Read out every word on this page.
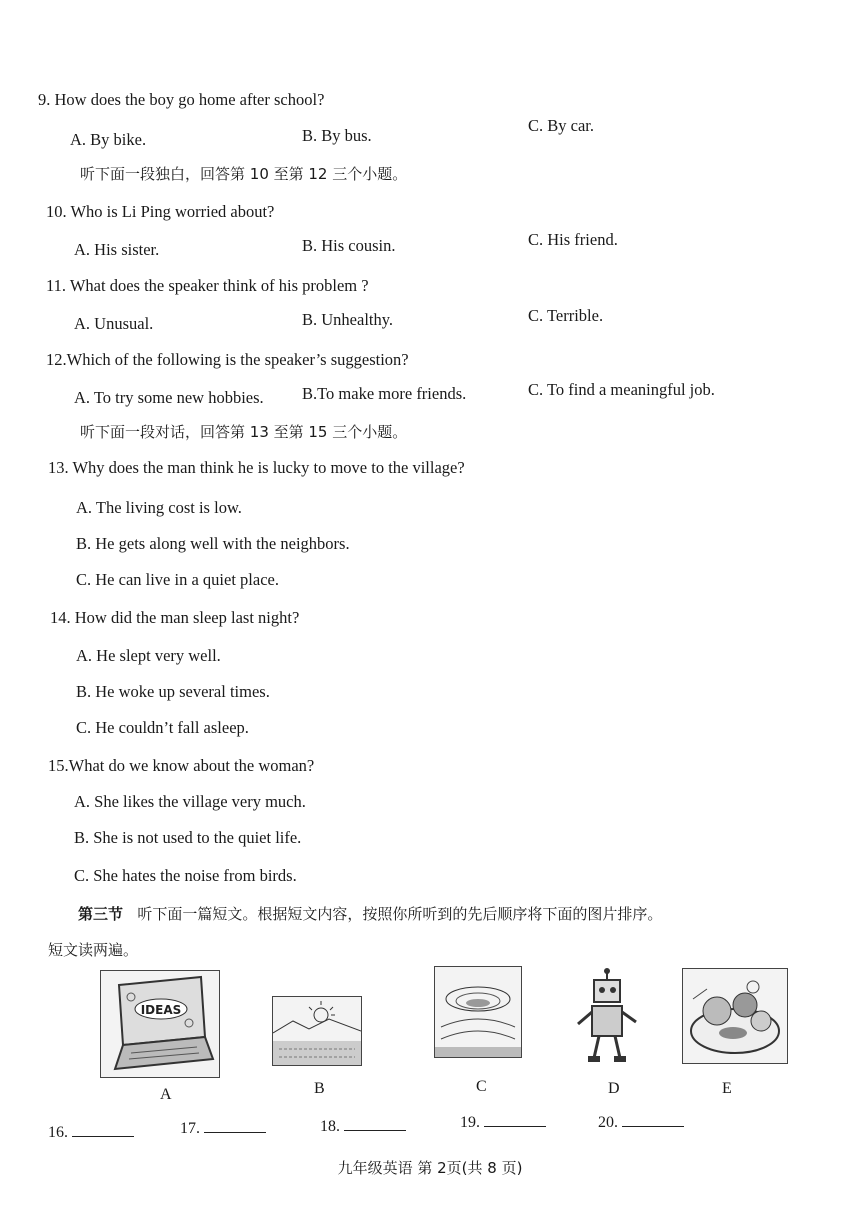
9. How does the boy go home after school?
A. By bike.	B. By bus.
C. By car.
听下面一段独白，回答第 10 至第 12 三个小题。
10. Who is Li Ping worried about?
A. His sister.	B. His cousin.	C. His friend.
11. What does the speaker think of his problem ?
A. Unusual.	B. Unhealthy.	C. Terrible.
12.Which of the following is the speaker’s suggestion?
A. To try some new hobbies. B.To make more friends.	C. To find a meaningful job.
听下面一段对话，回答第 13 至第 15 三个小题。
13. Why does the man think he is lucky to move to the village?
A. The living cost is low.
B. He gets along well with the neighbors.
C. He can live in a quiet place.
14. How did the man sleep last night?
A. He slept very well.
B. He woke up several times.
C. He couldn’t fall asleep.
15.What do we know about the woman?
A. She likes the village very much.
B. She is not used to the quiet life.
C. She hates the noise from birds.
第三节 听下面一篇短文。根据短文内容，按照你所听到的先后顺序将下面的图片排序。
短文读两遍。
IDEAS
A	B	C	D	E
16.	17.	18.	19.	20.
九年级英语 第 2页(共 8 页)
